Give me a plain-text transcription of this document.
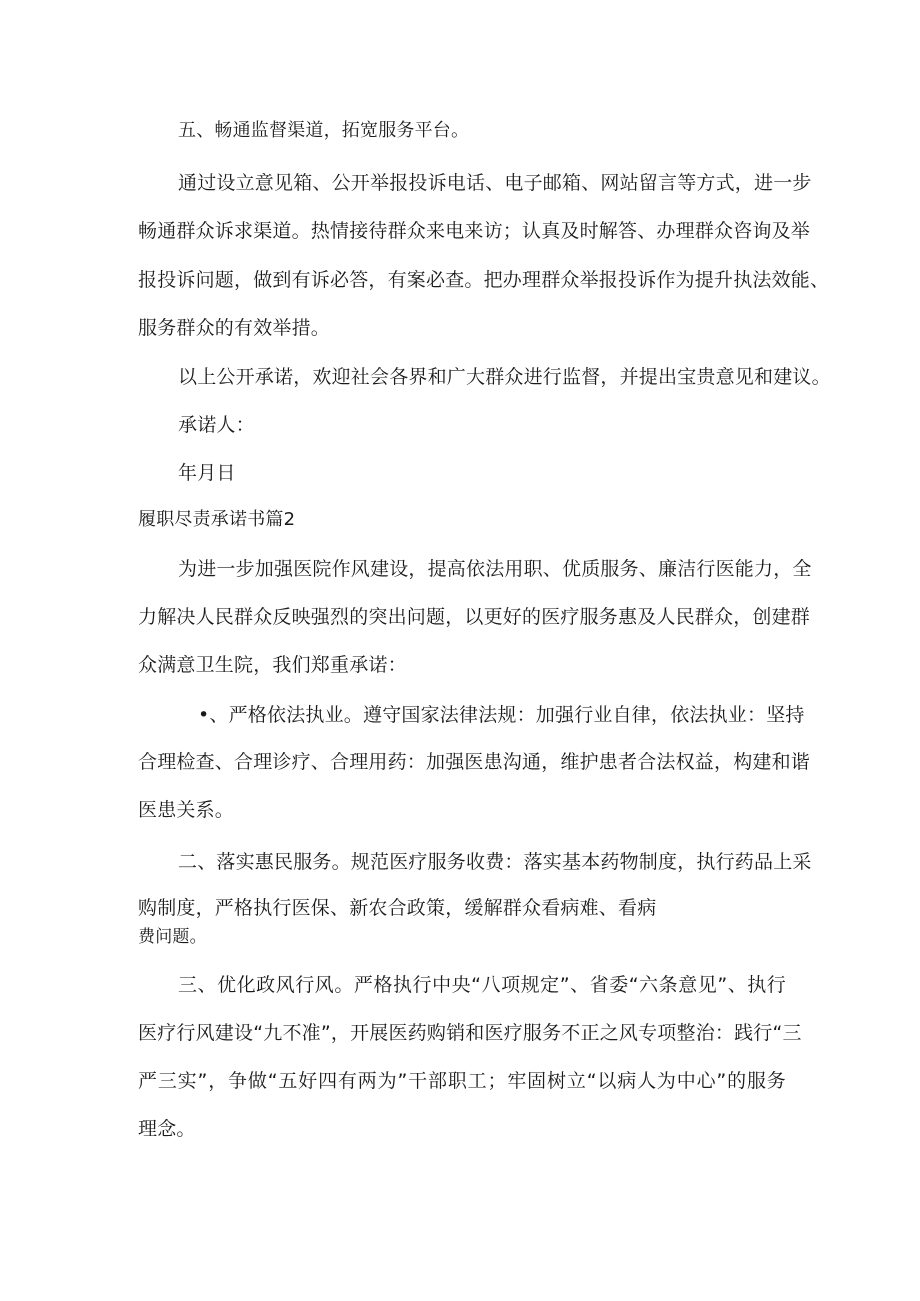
五、畅通监督渠道，拓宽服务平台。
通过设立意见箱、公开举报投诉电话、电子邮箱、网站留言等方式，进一步
畅通群众诉求渠道。热情接待群众来电来访；认真及时解答、办理群众咨询及举
报投诉问题，做到有诉必答，有案必查。把办理群众举报投诉作为提升执法效能、
服务群众的有效举措。
以上公开承诺，欢迎社会各界和广大群众进行监督，并提出宝贵意见和建议。
承诺人：
年月日
履职尽责承诺书篇2
为进一步加强医院作风建设，提高依法用职、优质服务、廉洁行医能力，全
力解决人民群众反映强烈的突出问题，以更好的医疗服务惠及人民群众，创建群
众满意卫生院，我们郑重承诺：
•、严格依法执业。遵守国家法律法规：加强行业自律，依法执业：坚持
合理检查、合理诊疗、合理用药：加强医患沟通，维护患者合法权益，构建和谐
医患关系。
二、落实惠民服务。规范医疗服务收费：落实基本药物制度，执行药品上采
购制度，严格执行医保、新农合政策，缓解群众看病难、看病
费问题。
三、优化政风行风。严格执行中央“八项规定”、省委“六条意见”、执行
医疗行风建设“九不准”，开展医药购销和医疗服务不正之风专项整治：践行“三
严三实”，争做“五好四有两为”干部职工；牢固树立“以病人为中心”的服务
理念。
